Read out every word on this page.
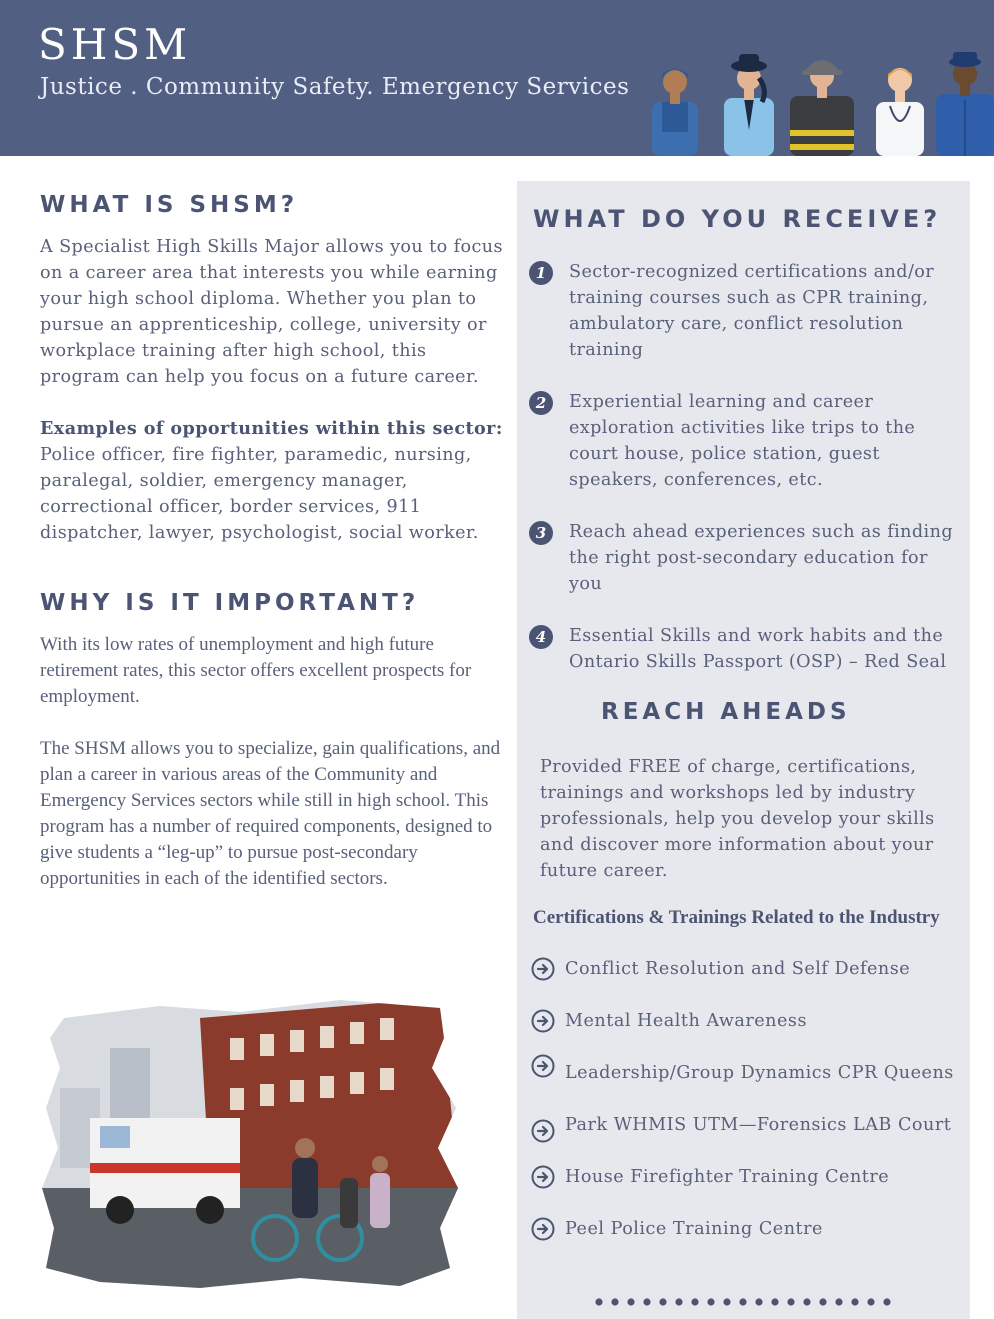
SHSM
Justice . Community Safety. Emergency Services
WHAT IS SHSM?

A Specialist High Skills Major allows you to focus on a career area that interests you while earning your high school diploma. Whether you plan to pursue an apprenticeship, college, university or workplace training after high school, this program can help you focus on a future career.

Examples of opportunities within this sector: Police officer, fire fighter, paramedic, nursing, paralegal, soldier, emergency manager, correctional officer, border services, 911 dispatcher, lawyer, psychologist, social worker.

WHY IS IT IMPORTANT?

With its low rates of unemployment and high future retirement rates, this sector offers excellent prospects for employment.

The SHSM allows you to specialize, gain qualifications, and plan a career in various areas of the Community and Emergency Services sectors while still in high school. This program has a number of required components, designed to give students a “leg-up” to pursue post-secondary opportunities in each of the identified sectors.

WHAT DO YOU RECEIVE?
1	Sector-recognized certifications and/or training courses such as CPR training, ambulatory care, conflict resolution training
2	Experiential learning and career exploration activities like trips to the court house, police station, guest speakers, conferences, etc.
3	Reach ahead experiences such as finding the right post-secondary education for you
4	Essential Skills and work habits and the Ontario Skills Passport (OSP) – Red Seal
REACH AHEADS
Provided FREE of charge, certifications, trainings and workshops led by industry professionals, help you develop your skills and discover more information about your future career.
Certifications & Trainings Related to the Industry
Conflict Resolution and Self Defense
Mental Health Awareness
Leadership/Group Dynamics CPR Queens
Park WHMIS UTM—Forensics LAB Court
House Firefighter Training Centre
Peel Police Training Centre
